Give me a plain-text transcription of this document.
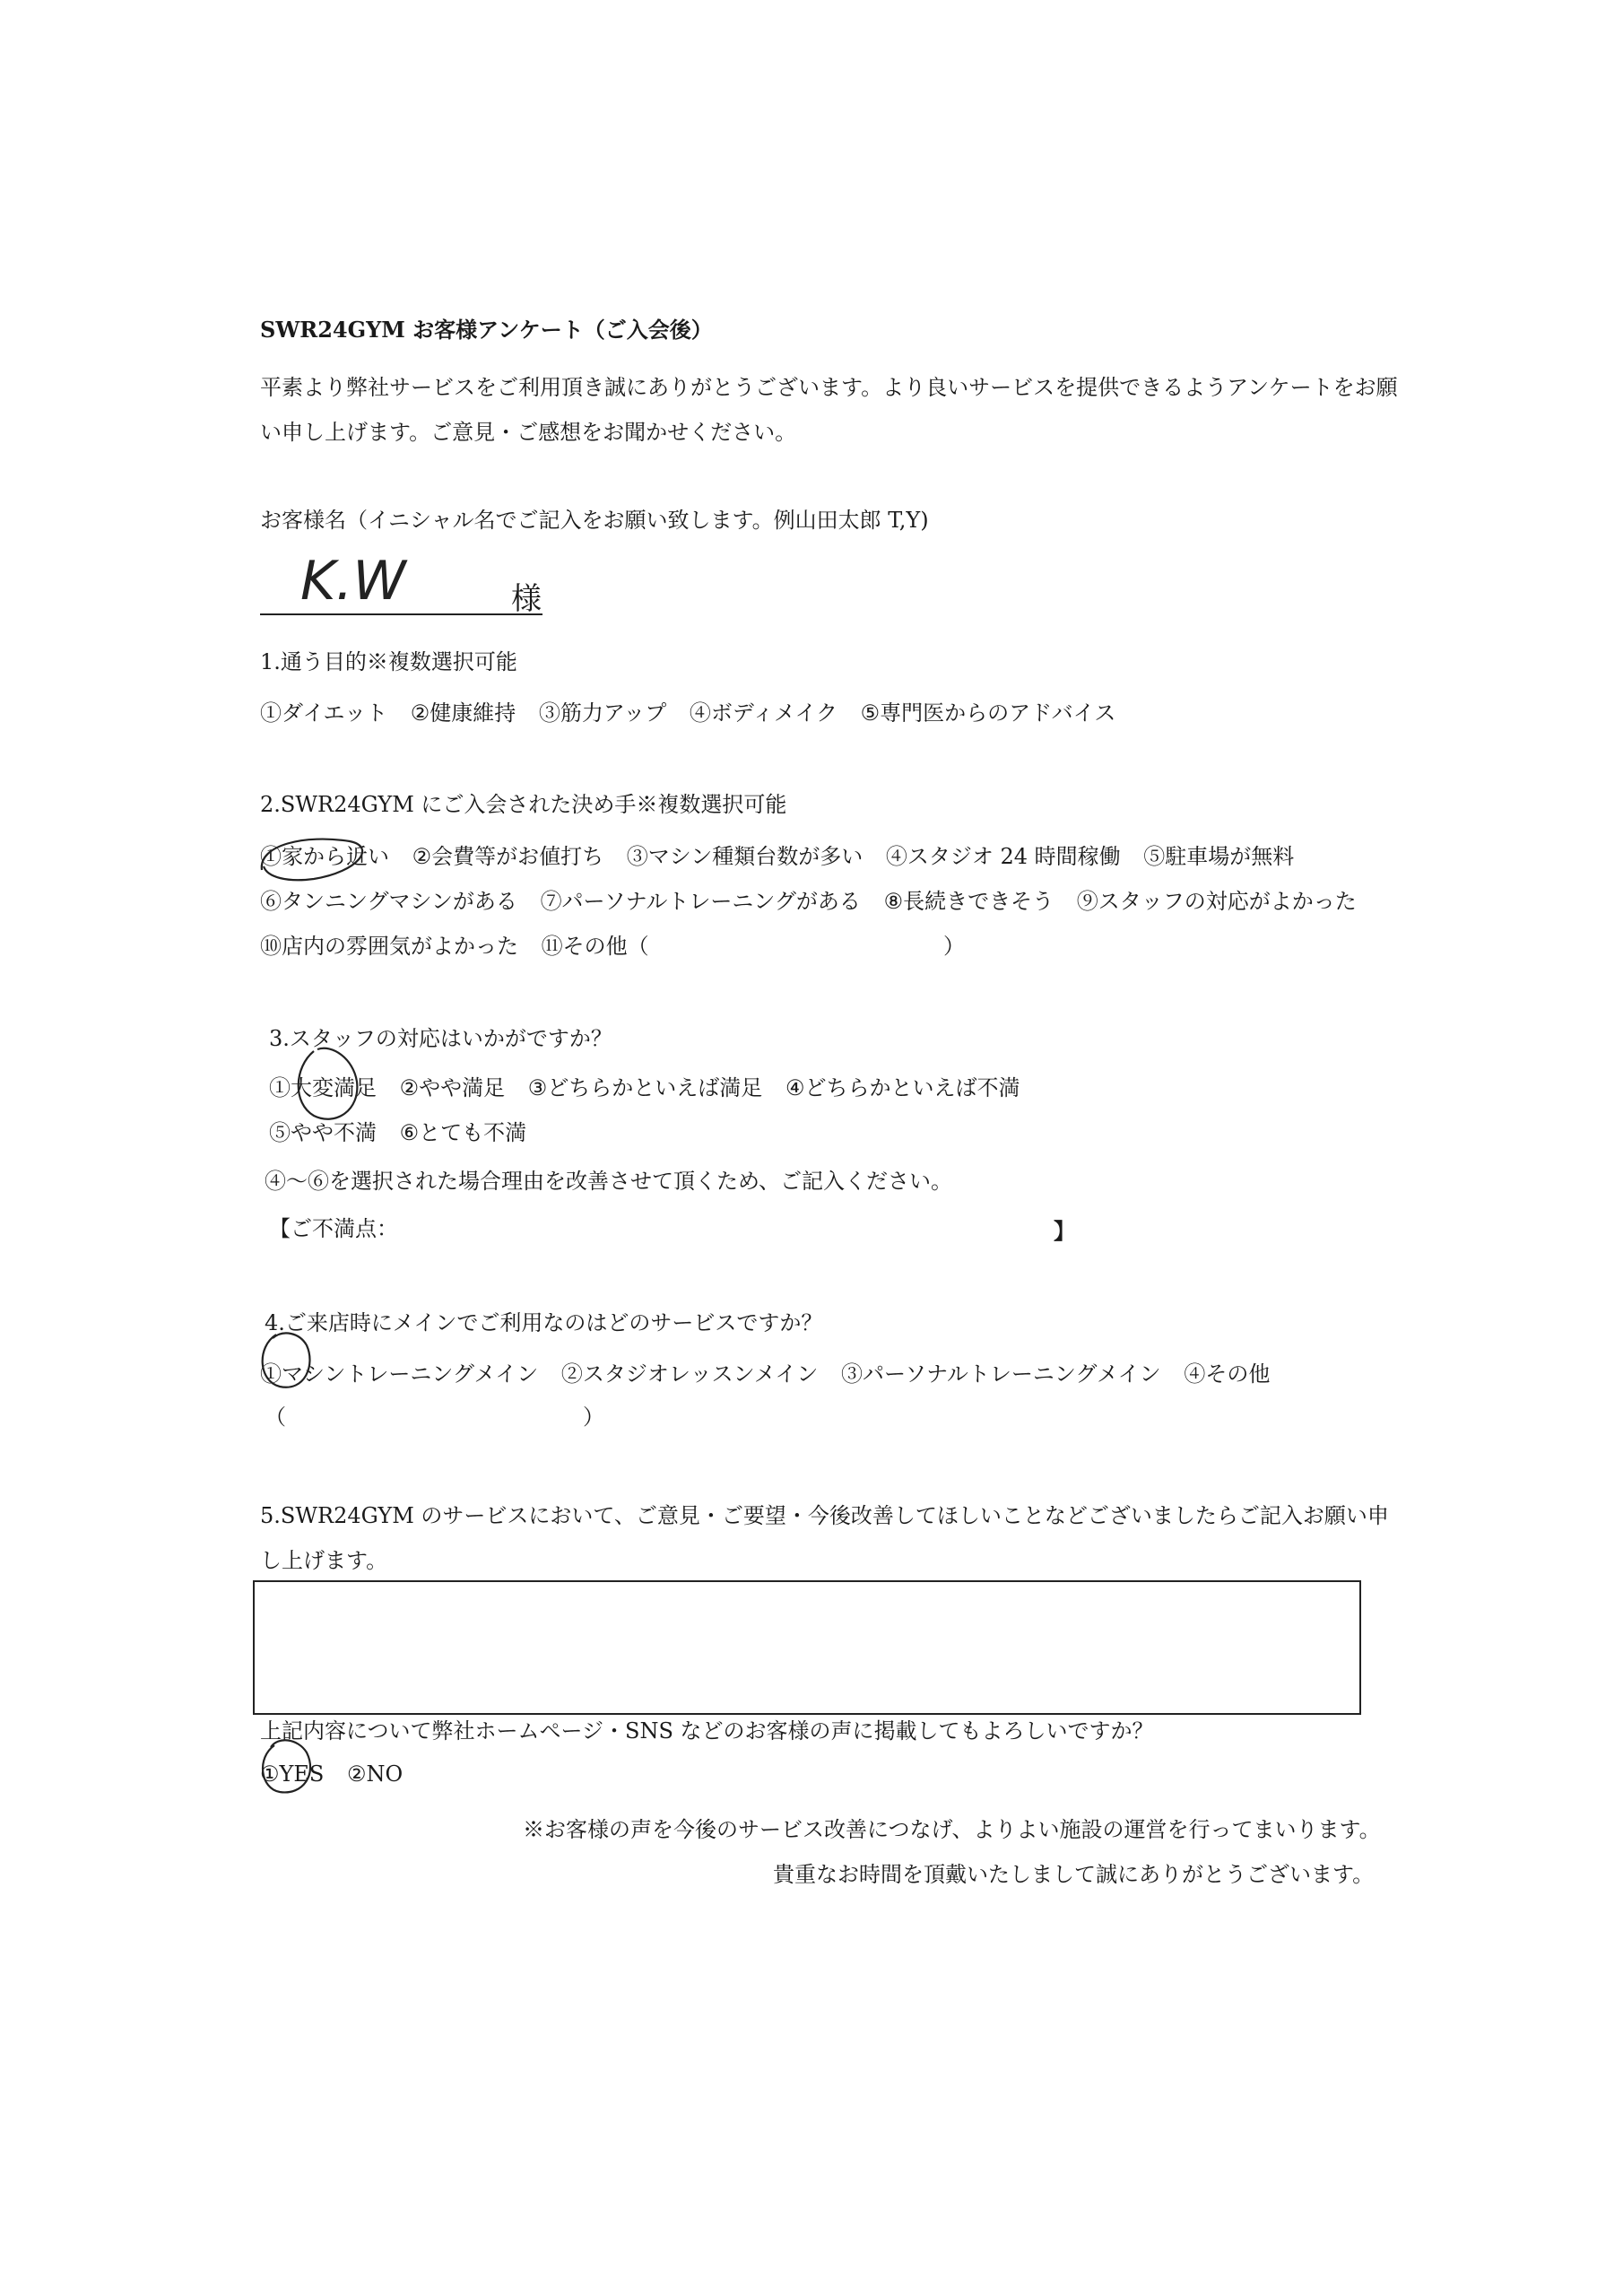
SWR24GYM お客様アンケート（ご入会後）
平素より弊社サービスをご利用頂き誠にありがとうございます。より良いサービスを提供できるようアンケートをお願
い申し上げます。ご意見・ご感想をお聞かせください。
お客様名（イニシャル名でご記入をお願い致します。例山田太郎 T,Y)
K.W	様
1.通う目的※複数選択可能
①ダイエット ②健康維持 ③筋力アップ ④ボディメイク ⑤専門医からのアドバイス
2.SWR24GYM にご入会された決め手※複数選択可能
①家から近い ②会費等がお値打ち ③マシン種類台数が多い ④スタジオ 24 時間稼働 ⑤駐車場が無料
⑥タンニングマシンがある ⑦パーソナルトレーニングがある ⑧長続きできそう ⑨スタッフの対応がよかった
⑩店内の雰囲気がよかった ⑪その他（	）
3.スタッフの対応はいかがですか？
①大変満足 ②やや満足 ③どちらかといえば満足 ④どちらかといえば不満
⑤やや不満 ⑥とても不満
④～⑥を選択された場合理由を改善させて頂くため、ご記入ください。
【ご不満点：	】
4.ご来店時にメインでご利用なのはどのサービスですか？
①マシントレーニングメイン ②スタジオレッスンメイン ③パーソナルトレーニングメイン ④その他
（	）
5.SWR24GYM のサービスにおいて、ご意見・ご要望・今後改善してほしいことなどございましたらご記入お願い申
し上げます。
上記内容について弊社ホームページ・SNS などのお客様の声に掲載してもよろしいですか？
①YES ②NO
※お客様の声を今後のサービス改善につなげ、よりよい施設の運営を行ってまいります。
貴重なお時間を頂戴いたしまして誠にありがとうございます。
